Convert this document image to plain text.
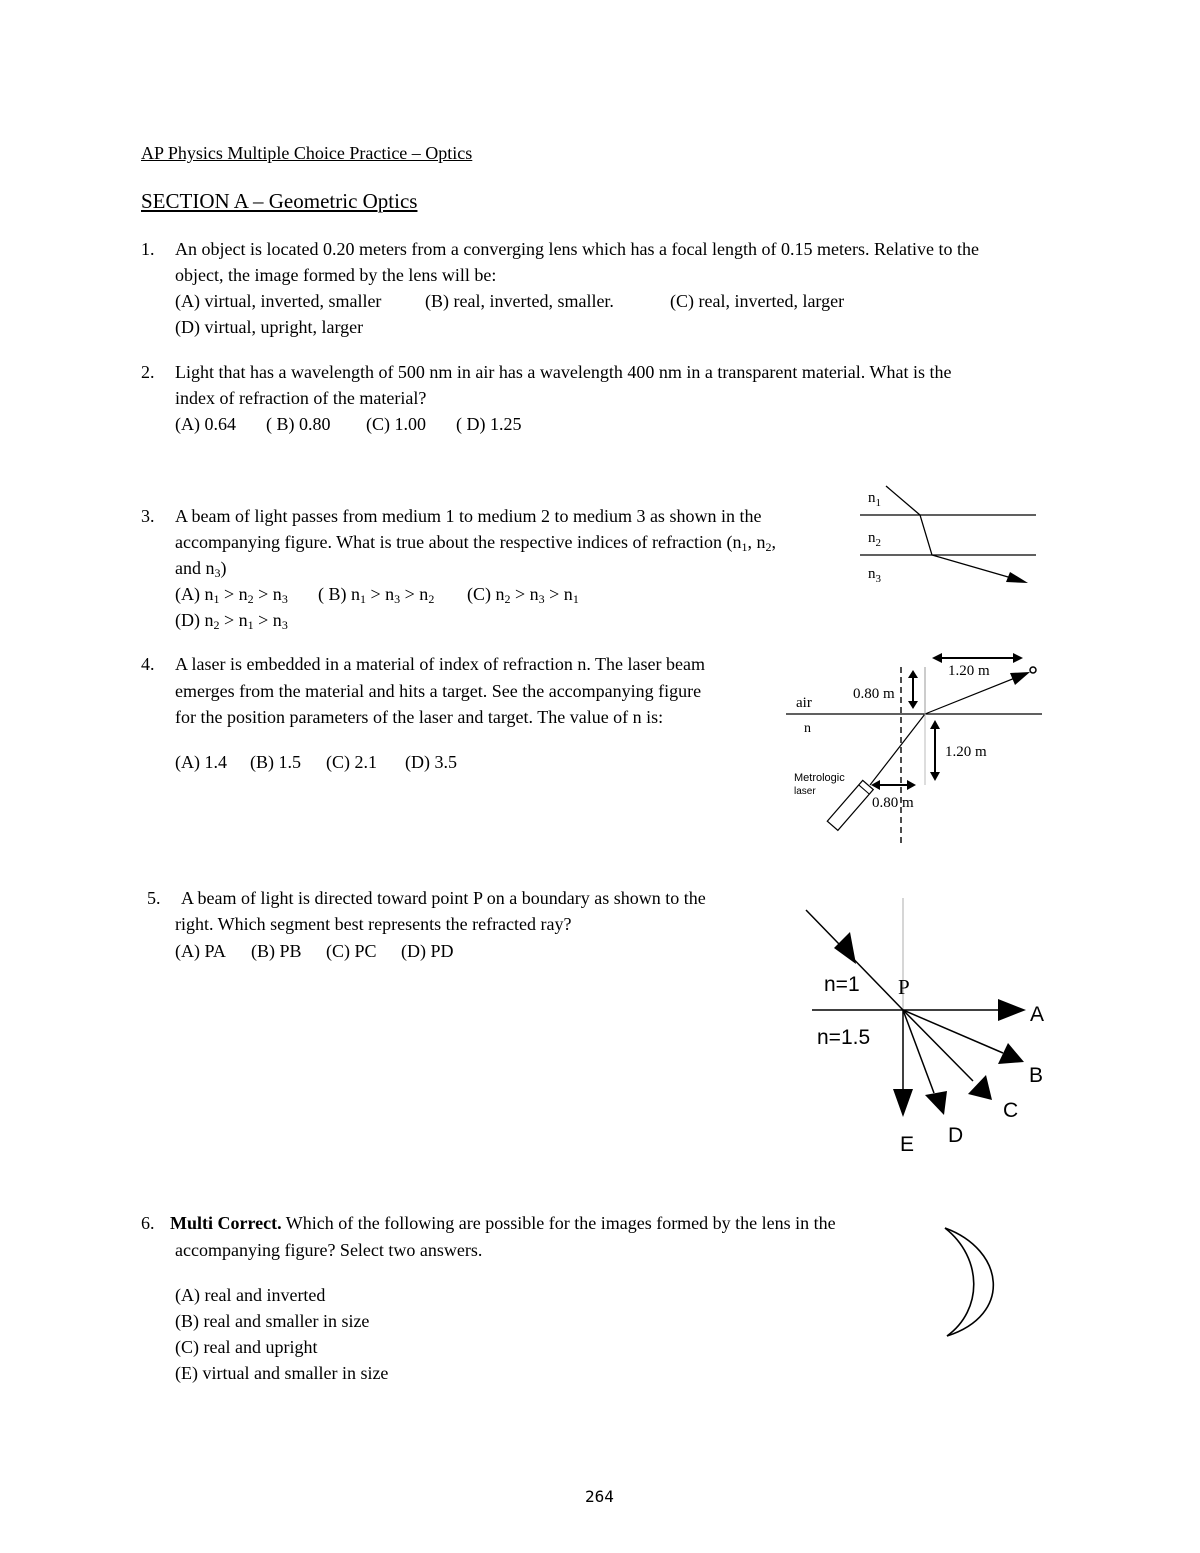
AP Physics Multiple Choice Practice – Optics
SECTION A – Geometric Optics
1. An object is located 0.20 meters from a converging lens which has a focal length of 0.15 meters. Relative to the
object, the image formed by the lens will be:
(A) virtual, inverted, smaller (B) real, inverted, smaller.	(C) real, inverted, larger
(D) virtual, upright, larger
2. Light that has a wavelength of 500 nm in air has a wavelength 400 nm in a transparent material. What is the
index of refraction of the material?
(A) 0.64 ( B) 0.80 (C) 1.00 ( D) 1.25
3. A beam of light passes from medium 1 to medium 2 to medium 3 as shown in the
accompanying figure. What is true about the respective indices of refraction ($n_1$, $n_2$,
and $n_3$)
(A) $n_1 > n_2 > n_3$ ( B) $n_1 > n_3 > n_2$ (C) $n_2 > n_3 > n_1$
(D) $n_2 > n_1 > n_3$
$n_1$
$n_2$
$n_3$
4. A laser is embedded in a material of index of refraction n. The laser beam
emerges from the material and hits a target. See the accompanying figure
for the position parameters of the laser and target. The value of n is:
(A) 1.4 (B) 1.5 (C) 2.1 (D) 3.5
air
n
1.20 m
0.80 m
1.20 m
0.80 m
Metrologic
laser
5. A beam of light is directed toward point P on a boundary as shown to the
right. Which segment best represents the refracted ray?
(A) PA (B) PB (C) PC (D) PD
n=1 P
n=1.5
A
B
C
D
E
6. Multi Correct. Which of the following are possible for the images formed by the lens in the
accompanying figure? Select two answers.
(A) real and inverted
(B) real and smaller in size
(C) real and upright
(E) virtual and smaller in size
264
